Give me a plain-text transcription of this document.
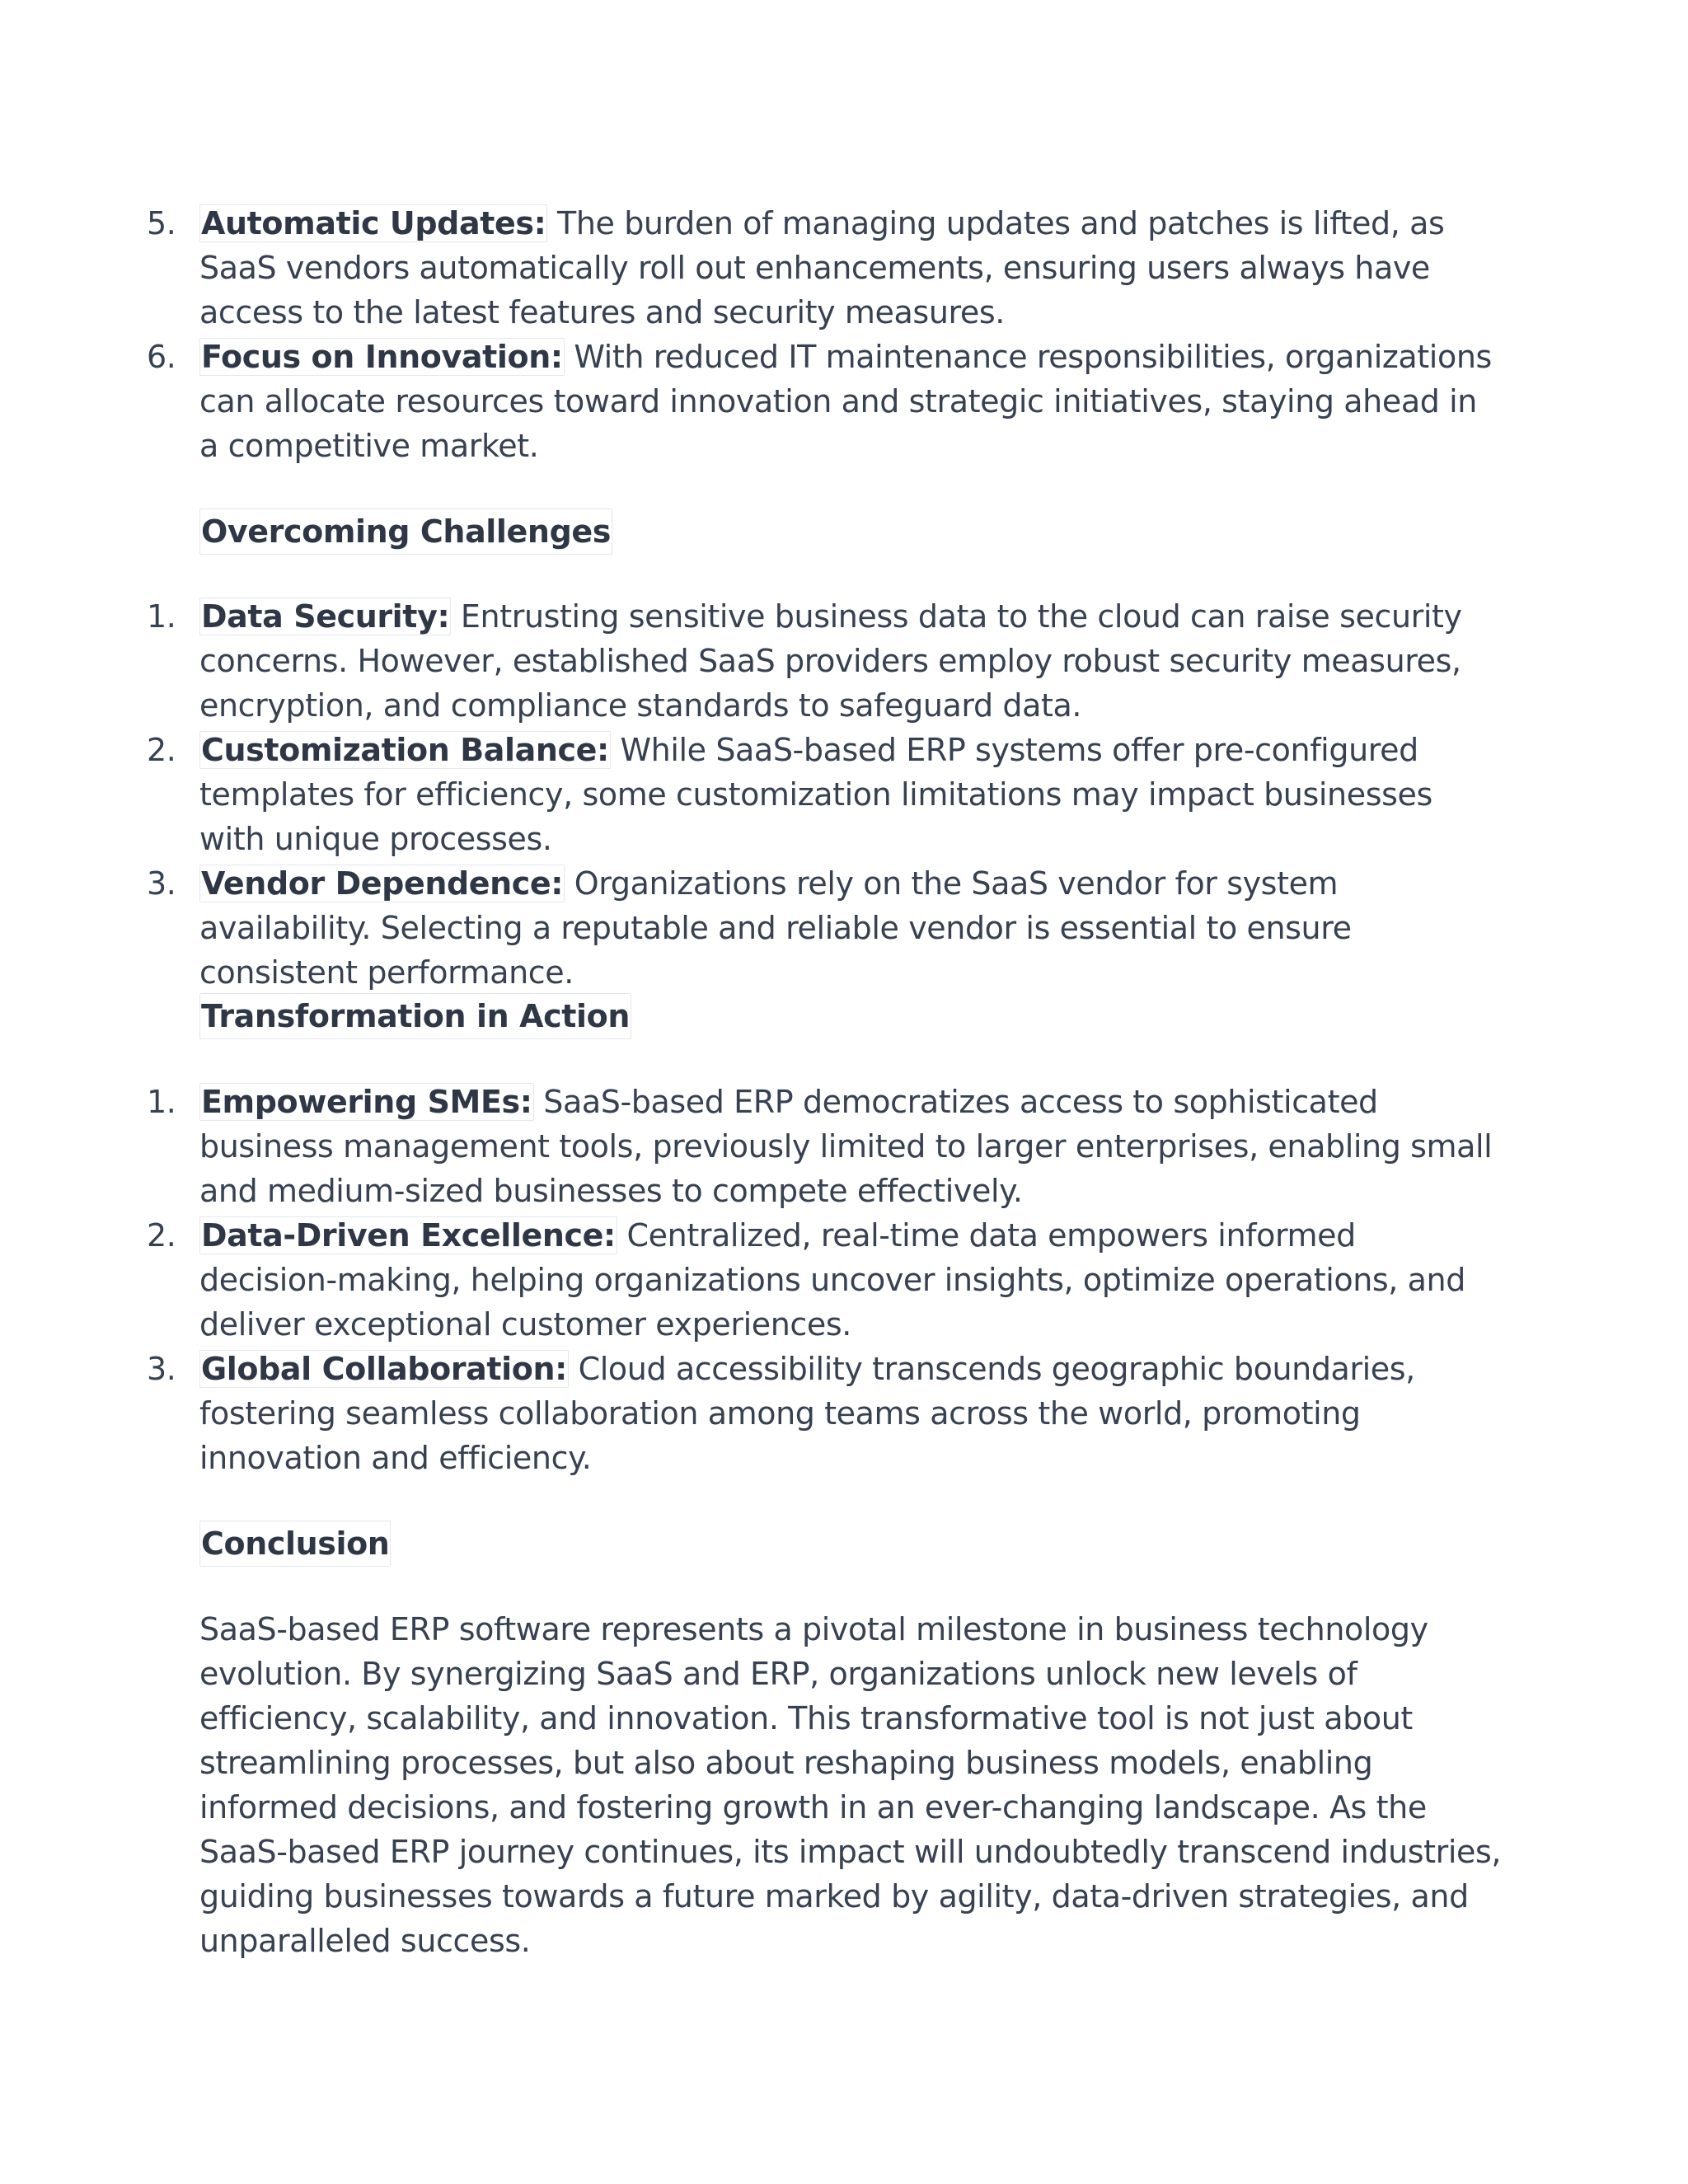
5. Automatic Updates: The burden of managing updates and patches is lifted, as SaaS vendors automatically roll out enhancements, ensuring users always have access to the latest features and security measures.
6. Focus on Innovation: With reduced IT maintenance responsibilities, organizations can allocate resources toward innovation and strategic initiatives, staying ahead in a competitive market.
Overcoming Challenges
1. Data Security: Entrusting sensitive business data to the cloud can raise security concerns. However, established SaaS providers employ robust security measures, encryption, and compliance standards to safeguard data.
2. Customization Balance: While SaaS-based ERP systems offer pre-configured templates for efficiency, some customization limitations may impact businesses with unique processes.
3. Vendor Dependence: Organizations rely on the SaaS vendor for system availability. Selecting a reputable and reliable vendor is essential to ensure consistent performance.
Transformation in Action
1. Empowering SMEs: SaaS-based ERP democratizes access to sophisticated business management tools, previously limited to larger enterprises, enabling small and medium-sized businesses to compete effectively.
2. Data-Driven Excellence: Centralized, real-time data empowers informed decision-making, helping organizations uncover insights, optimize operations, and deliver exceptional customer experiences.
3. Global Collaboration: Cloud accessibility transcends geographic boundaries, fostering seamless collaboration among teams across the world, promoting innovation and efficiency.
Conclusion
SaaS-based ERP software represents a pivotal milestone in business technology evolution. By synergizing SaaS and ERP, organizations unlock new levels of efficiency, scalability, and innovation. This transformative tool is not just about streamlining processes, but also about reshaping business models, enabling informed decisions, and fostering growth in an ever-changing landscape. As the SaaS-based ERP journey continues, its impact will undoubtedly transcend industries, guiding businesses towards a future marked by agility, data-driven strategies, and unparalleled success.
